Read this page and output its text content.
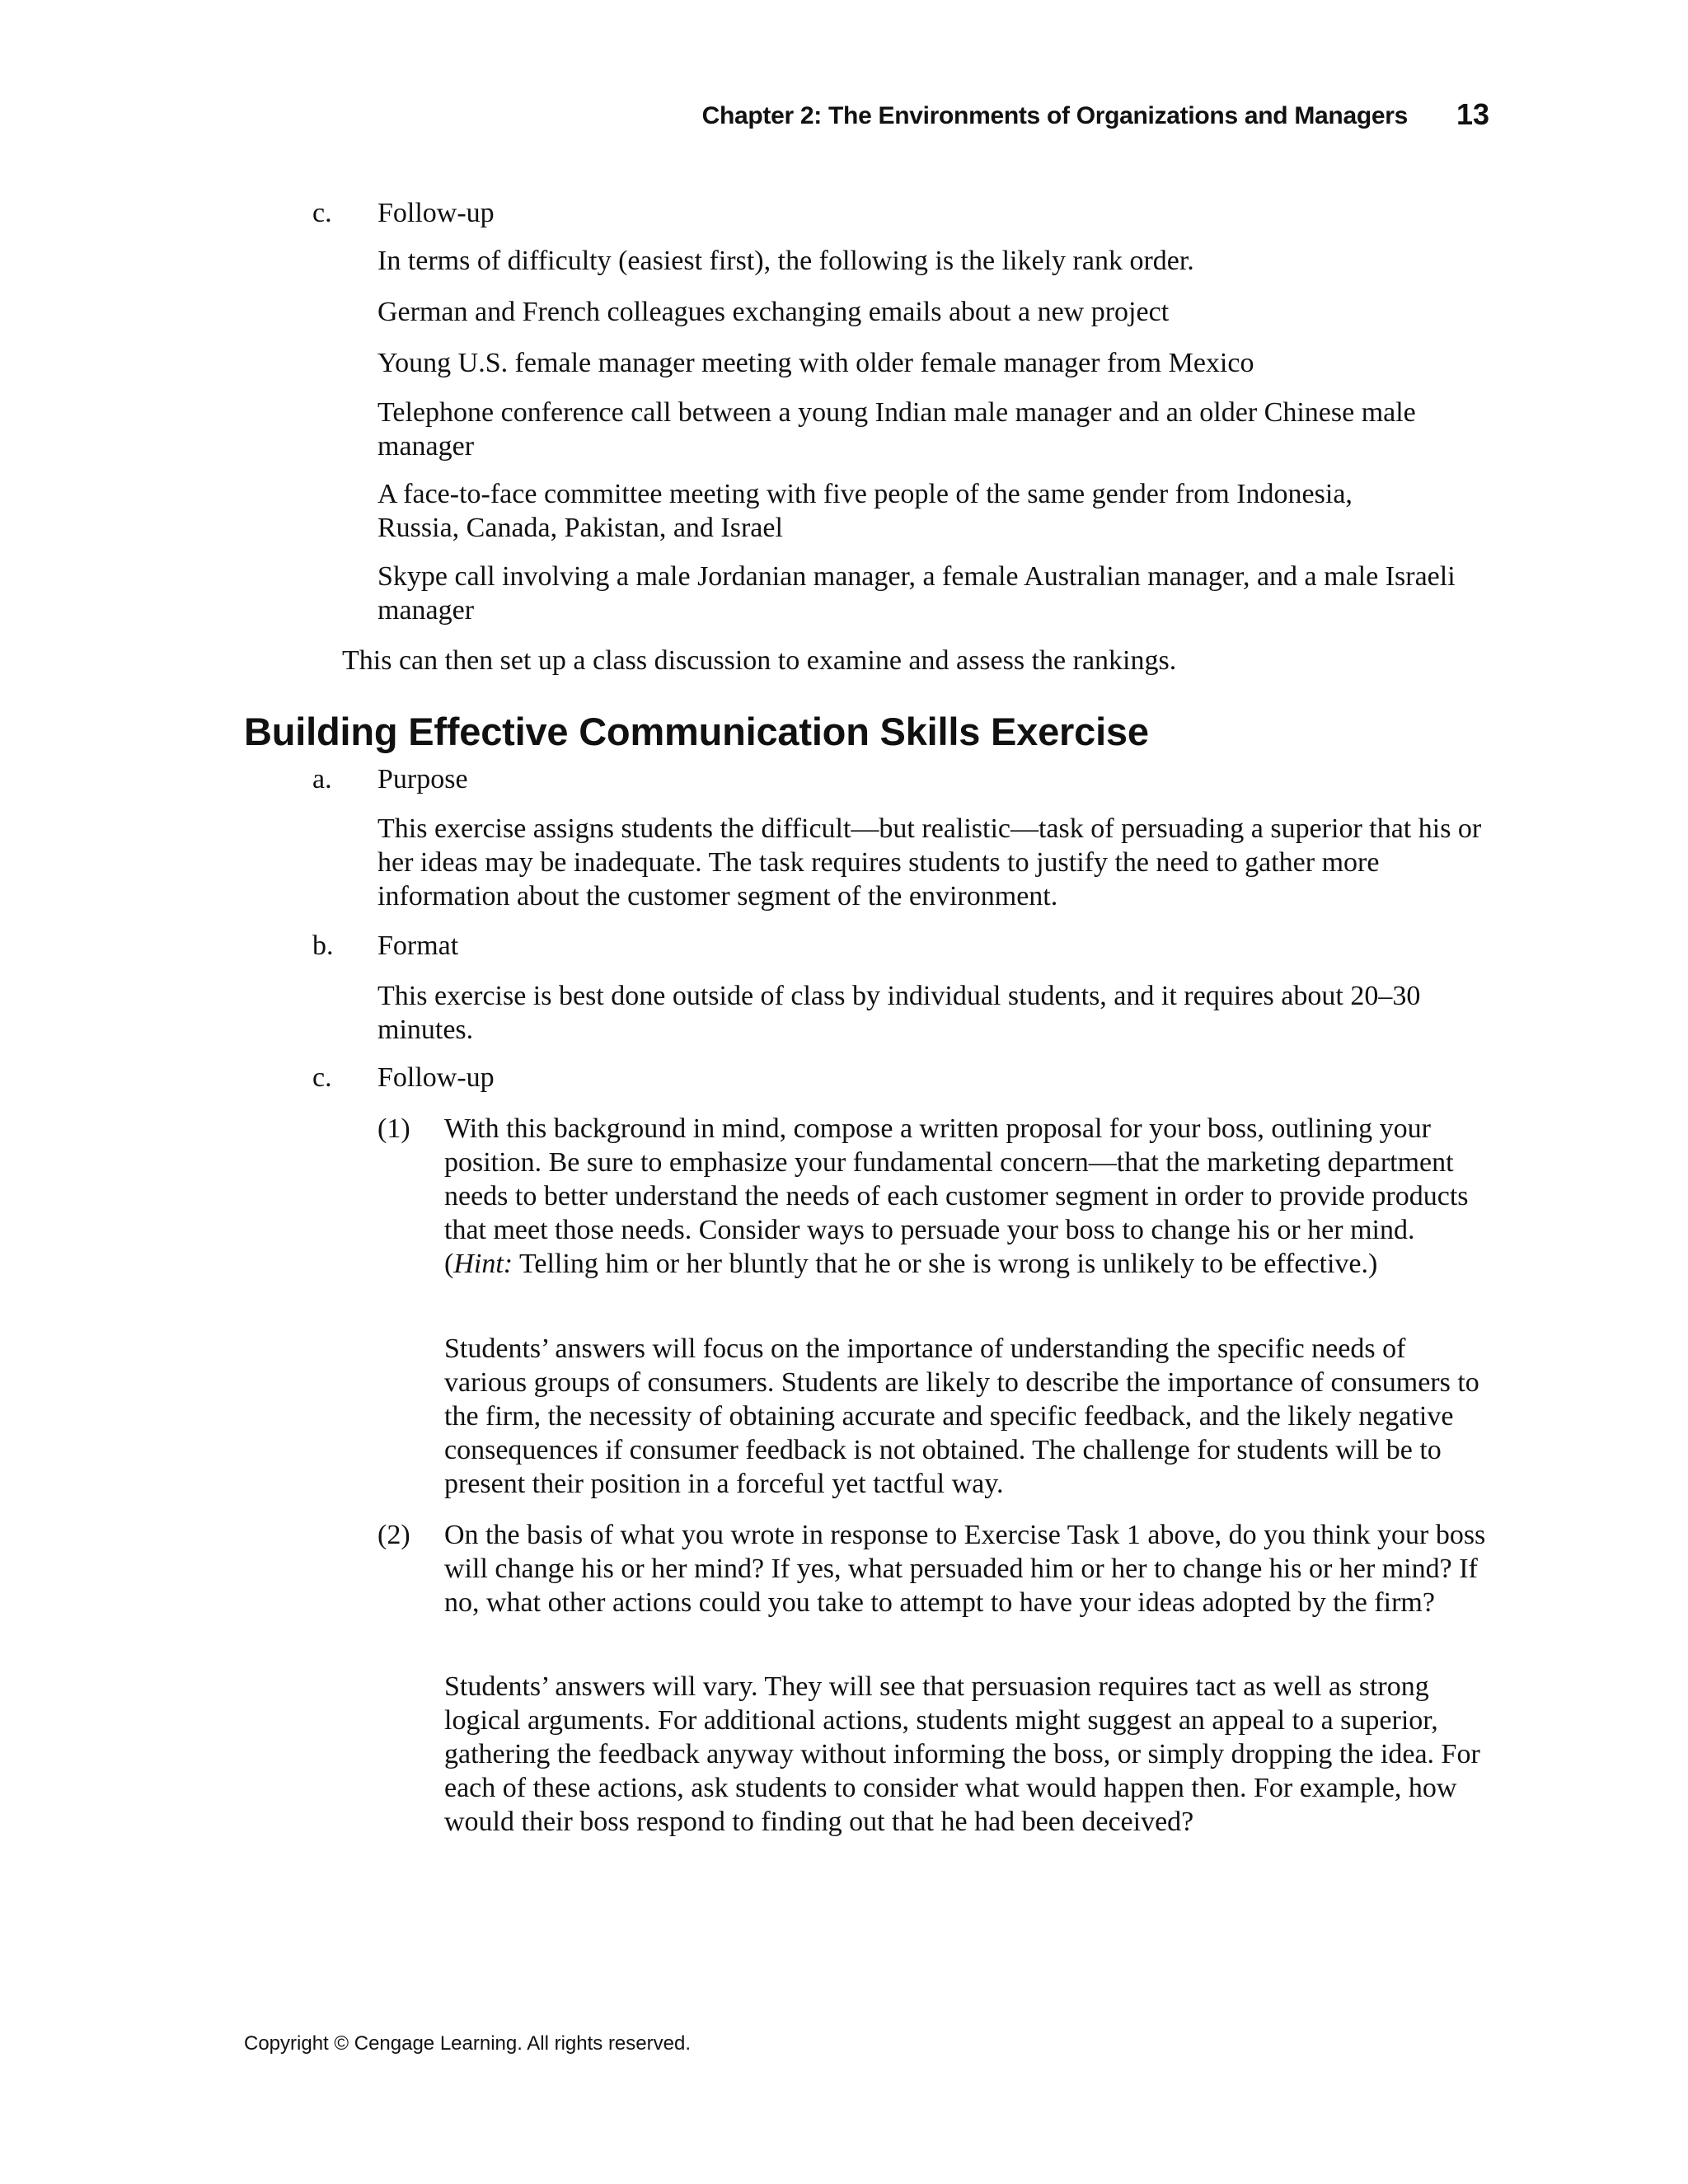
Chapter 2: The Environments of Organizations and Managers 13
c.	Follow-up
In terms of difficulty (easiest first), the following is the likely rank order.
German and French colleagues exchanging emails about a new project
Young U.S. female manager meeting with older female manager from Mexico
Telephone conference call between a young Indian male manager and an older Chinese male manager
A face-to-face committee meeting with five people of the same gender from Indonesia, Russia, Canada, Pakistan, and Israel
Skype call involving a male Jordanian manager, a female Australian manager, and a male Israeli manager
This can then set up a class discussion to examine and assess the rankings.
Building Effective Communication Skills Exercise
a.	Purpose
This exercise assigns students the difficult—but realistic—task of persuading a superior that his or her ideas may be inadequate. The task requires students to justify the need to gather more information about the customer segment of the environment.
b.	Format
This exercise is best done outside of class by individual students, and it requires about 20–30 minutes.
c.	Follow-up
(1)	With this background in mind, compose a written proposal for your boss, outlining your position. Be sure to emphasize your fundamental concern—that the marketing department needs to better understand the needs of each customer segment in order to provide products that meet those needs. Consider ways to persuade your boss to change his or her mind. (Hint: Telling him or her bluntly that he or she is wrong is unlikely to be effective.)
Students’ answers will focus on the importance of understanding the specific needs of various groups of consumers. Students are likely to describe the importance of consumers to the firm, the necessity of obtaining accurate and specific feedback, and the likely negative consequences if consumer feedback is not obtained. The challenge for students will be to present their position in a forceful yet tactful way.
(2)	On the basis of what you wrote in response to Exercise Task 1 above, do you think your boss will change his or her mind? If yes, what persuaded him or her to change his or her mind? If no, what other actions could you take to attempt to have your ideas adopted by the firm?
Students’ answers will vary. They will see that persuasion requires tact as well as strong logical arguments. For additional actions, students might suggest an appeal to a superior, gathering the feedback anyway without informing the boss, or simply dropping the idea. For each of these actions, ask students to consider what would happen then. For example, how would their boss respond to finding out that he had been deceived?
Copyright © Cengage Learning. All rights reserved.
